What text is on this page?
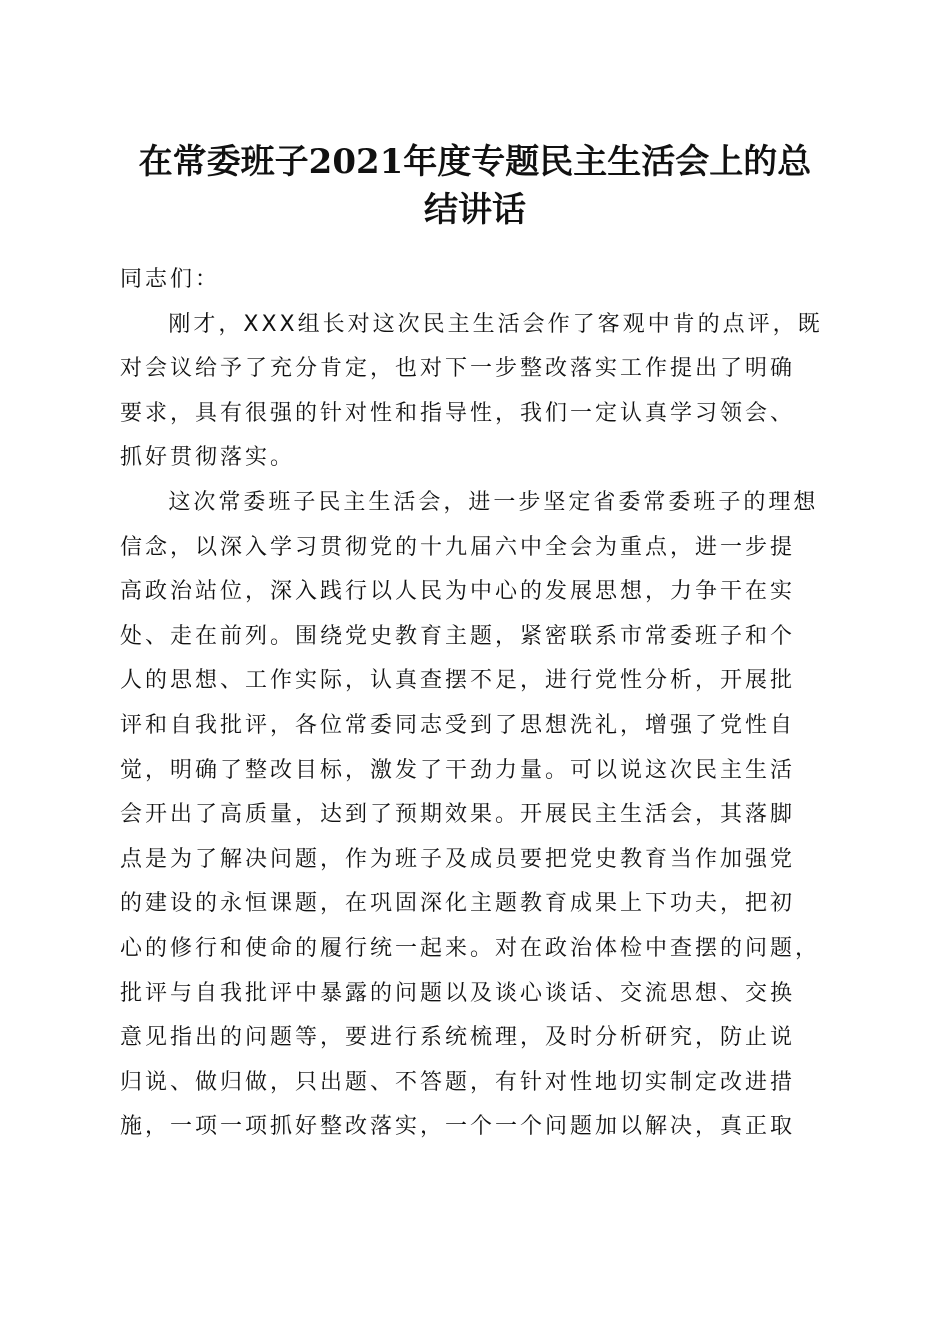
在常委班子2021年度专题民主生活会上的总
结讲话

同志们：

刚才，XXX组长对这次民主生活会作了客观中肯的点评，既
对会议给予了充分肯定，也对下一步整改落实工作提出了明确
要求，具有很强的针对性和指导性，我们一定认真学习领会、
抓好贯彻落实。

这次常委班子民主生活会，进一步坚定省委常委班子的理想
信念，以深入学习贯彻党的十九届六中全会为重点，进一步提
高政治站位，深入践行以人民为中心的发展思想，力争干在实
处、走在前列。围绕党史教育主题，紧密联系市常委班子和个
人的思想、工作实际，认真查摆不足，进行党性分析，开展批
评和自我批评，各位常委同志受到了思想洗礼，增强了党性自
觉，明确了整改目标，激发了干劲力量。可以说这次民主生活
会开出了高质量，达到了预期效果。开展民主生活会，其落脚
点是为了解决问题，作为班子及成员要把党史教育当作加强党
的建设的永恒课题，在巩固深化主题教育成果上下功夫，把初
心的修行和使命的履行统一起来。对在政治体检中查摆的问题，
批评与自我批评中暴露的问题以及谈心谈话、交流思想、交换
意见指出的问题等，要进行系统梳理，及时分析研究，防止说
归说、做归做，只出题、不答题，有针对性地切实制定改进措
施，一项一项抓好整改落实，一个一个问题加以解决，真正取
